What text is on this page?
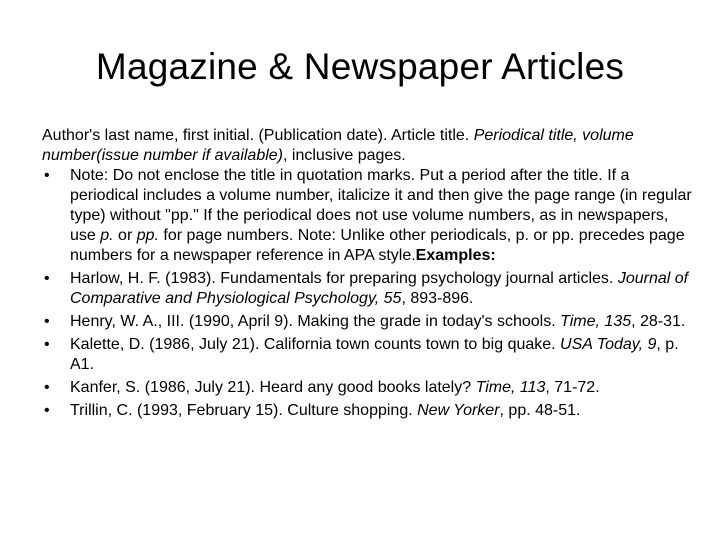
Magazine & Newspaper Articles

Author's last name, first initial. (Publication date). Article title. Periodical title, volume number(issue number if available), inclusive pages.

• Note: Do not enclose the title in quotation marks. Put a period after the title. If a periodical includes a volume number, italicize it and then give the page range (in regular type) without "pp." If the periodical does not use volume numbers, as in newspapers, use p. or pp. for page numbers. Note: Unlike other periodicals, p. or pp. precedes page numbers for a newspaper reference in APA style.Examples:
• Harlow, H. F. (1983). Fundamentals for preparing psychology journal articles. Journal of Comparative and Physiological Psychology, 55, 893-896.
• Henry, W. A., III. (1990, April 9). Making the grade in today's schools. Time, 135, 28-31.
• Kalette, D. (1986, July 21). California town counts town to big quake. USA Today, 9, p. A1.
• Kanfer, S. (1986, July 21). Heard any good books lately? Time, 113, 71-72.
• Trillin, C. (1993, February 15). Culture shopping. New Yorker, pp. 48-51.
